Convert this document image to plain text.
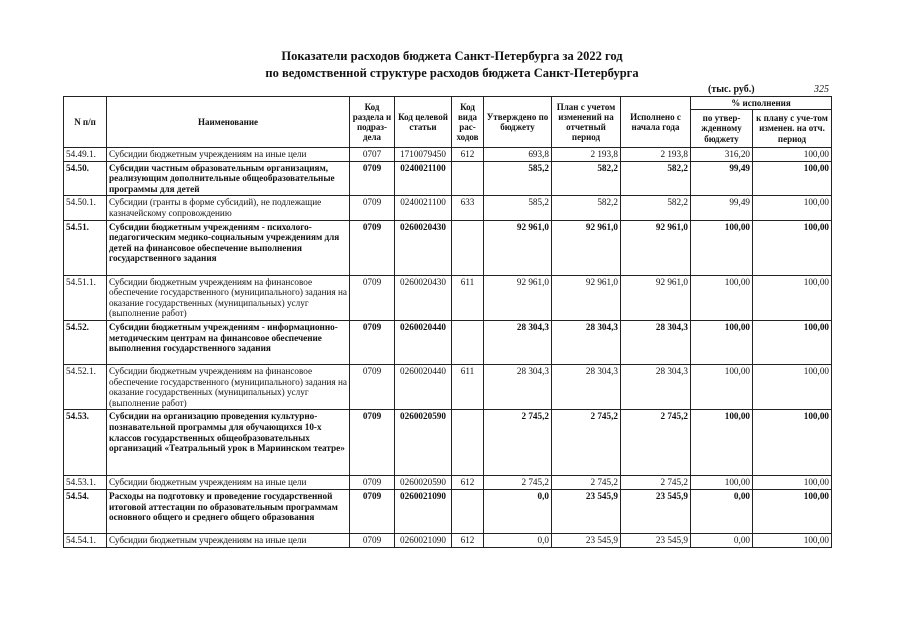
Показатели расходов бюджета Санкт-Петербурга за 2022 год
по ведомственной структуре расходов бюджета Санкт-Петербурга
(тыс. руб.)	325
N п/п	Наименование	Код раздела и подраз-дела	Код целевой статьи	Код вида рас-ходов	Утверждено по бюджету	План с учетом изменений на отчетный период	Исполнено с начала года	% исполнения	
								по утвер-жденному бюджету	к плану с уче-том изменен. на отч. период
54.49.1.	Субсидии бюджетным учреждениям на иные цели	0707	1710079450	612	693,8	2 193,8	2 193,8	316,20	100,00
54.50.	Субсидии частным образовательным организациям, реализующим дополнительные общеобразовательные программы для детей	0709	0240021100		585,2	582,2	582,2	99,49	100,00
54.50.1.	Субсидии (гранты в форме субсидий), не подлежащие казначейскому сопровождению	0709	0240021100	633	585,2	582,2	582,2	99,49	100,00
54.51.	Субсидии бюджетным учреждениям - психолого-педагогическим медико-социальным учреждениям для детей на финансовое обеспечение выполнения государственного задания	0709	0260020430		92 961,0	92 961,0	92 961,0	100,00	100,00
54.51.1.	Субсидии бюджетным учреждениям на финансовое обеспечение государственного (муниципального) задания на оказание государственных (муниципальных) услуг (выполнение работ)	0709	0260020430	611	92 961,0	92 961,0	92 961,0	100,00	100,00
54.52.	Субсидии бюджетным учреждениям - информационно-методическим центрам на финансовое обеспечение выполнения государственного задания	0709	0260020440		28 304,3	28 304,3	28 304,3	100,00	100,00
54.52.1.	Субсидии бюджетным учреждениям на финансовое обеспечение государственного (муниципального) задания на оказание государственных (муниципальных) услуг (выполнение работ)	0709	0260020440	611	28 304,3	28 304,3	28 304,3	100,00	100,00
54.53.	Субсидии на организацию проведения культурно-познавательной программы для обучающихся 10-х классов государственных общеобразовательных организаций «Театральный урок в Мариинском театре»	0709	0260020590		2 745,2	2 745,2	2 745,2	100,00	100,00
54.53.1.	Субсидии бюджетным учреждениям на иные цели	0709	0260020590	612	2 745,2	2 745,2	2 745,2	100,00	100,00
54.54.	Расходы на подготовку и проведение государственной итоговой аттестации по образовательным программам основного общего и среднего общего образования	0709	0260021090		0,0	23 545,9	23 545,9	0,00	100,00
54.54.1.	Субсидии бюджетным учреждениям на иные цели	0709	0260021090	612	0,0	23 545,9	23 545,9	0,00	100,00
